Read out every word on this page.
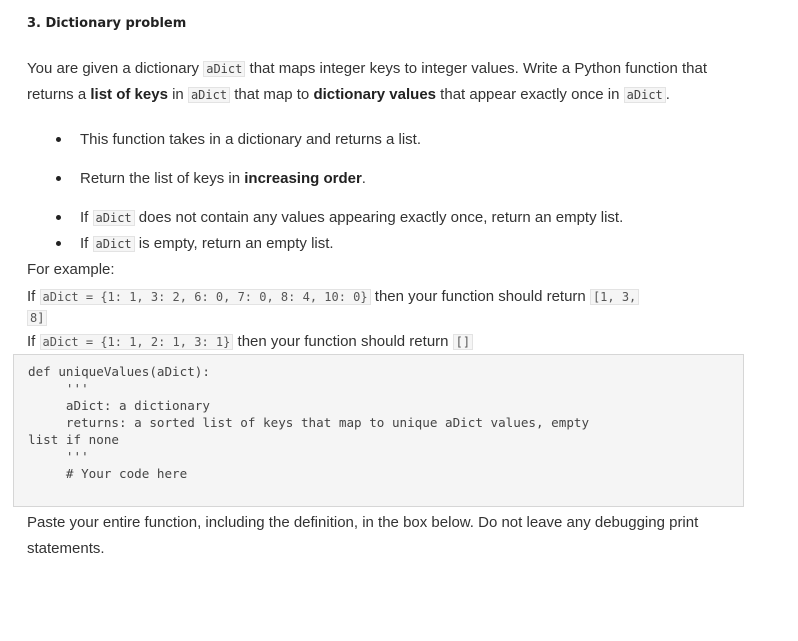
3. Dictionary problem
You are given a dictionary aDict that maps integer keys to integer values. Write a Python function that returns a list of keys in aDict that map to dictionary values that appear exactly once in aDict .
This function takes in a dictionary and returns a list.
Return the list of keys in increasing order.
If aDict does not contain any values appearing exactly once, return an empty list.
If aDict is empty, return an empty list.
For example:
If aDict = {1: 1, 3: 2, 6: 0, 7: 0, 8: 4, 10: 0} then your function should return [1, 3,
8]
If aDict = {1: 1, 2: 1, 3: 1} then your function should return []
def uniqueValues(aDict):
'''
aDict: a dictionary
returns: a sorted list of keys that map to unique aDict values, empty
list if none
'''
# Your code here
Paste your entire function, including the definition, in the box below. Do not leave any debugging print statements.
